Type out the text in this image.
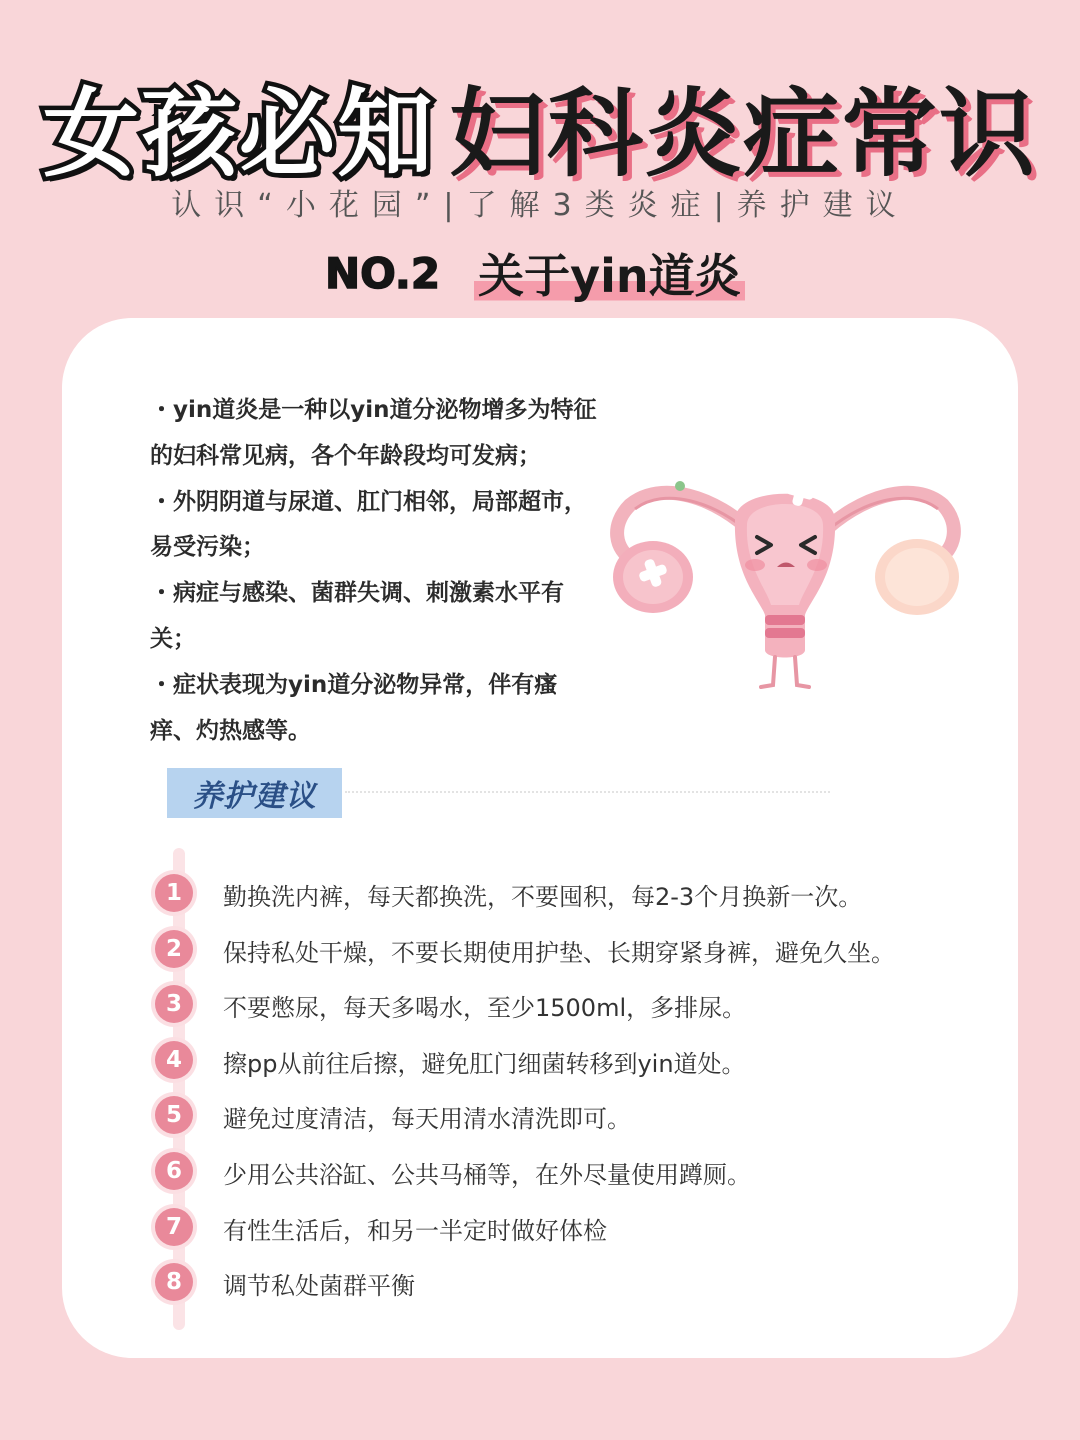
女孩必知 妇科炎症常识
认识“小花园”|了解3类炎症|养护建议
NO.2 关于yin道炎

・yin道炎是一种以yin道分泌物增多为特征的妇科常见病，各个年龄段均可发病；

・外阴阴道与尿道、肛门相邻，局部超市，易受污染；

・病症与感染、菌群失调、刺激素水平有关；

・症状表现为yin道分泌物异常，伴有瘙痒、灼热感等。

养护建议
1	勤换洗内裤，每天都换洗，不要囤积，每2-3个月换新一次。
2	保持私处干燥，不要长期使用护垫、长期穿紧身裤，避免久坐。
3	不要憋尿，每天多喝水，至少1500ml，多排尿。
4	擦pp从前往后擦，避免肛门细菌转移到yin道处。
5	避免过度清洁，每天用清水清洗即可。
6	少用公共浴缸、公共马桶等，在外尽量使用蹲厕。
7	有性生活后，和另一半定时做好体检
8	调节私处菌群平衡
